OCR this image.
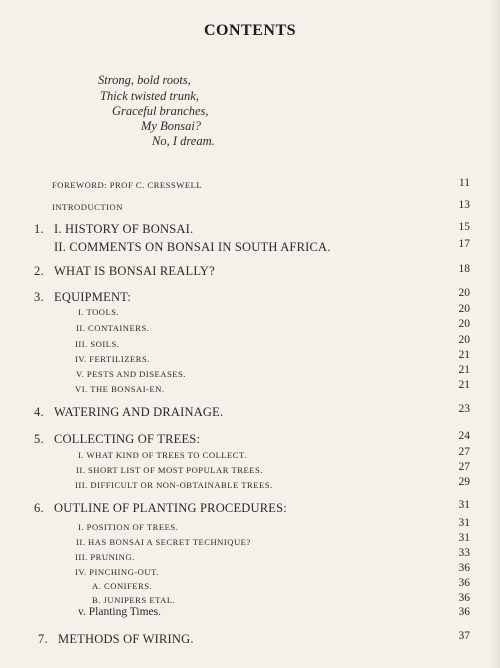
CONTENTS
Strong, bold roots,
Thick twisted trunk,
Graceful branches,
My Bonsai?
No, I dream.
FOREWORD: PROF C. CRESSWELL	11
INTRODUCTION	13
1. I. HISTORY OF BONSAI.	15
II. COMMENTS ON BONSAI IN SOUTH AFRICA.	17
2. WHAT IS BONSAI REALLY?	18
3. EQUIPMENT:	20
I. TOOLS.	20
II. CONTAINERS.	20
III. SOILS.	20
IV. FERTILIZERS.	21
V. PESTS AND DISEASES.	21
VI. THE BONSAI-EN.	21
4. WATERING AND DRAINAGE.	23
5. COLLECTING OF TREES:	24
I. WHAT KIND OF TREES TO COLLECT.	27
II. SHORT LIST OF MOST POPULAR TREES.	27
III. DIFFICULT OR NON-OBTAINABLE TREES.	29
6. OUTLINE OF PLANTING PROCEDURES:	31
I. POSITION OF TREES.	31
II. HAS BONSAI A SECRET TECHNIQUE?	31
III. PRUNING.	33
IV. PINCHING-OUT.	36
A. CONIFERS.	36
B. JUNIPERS ETAL.	36
v. Planting Times.	36
7. METHODS OF WIRING.	37
